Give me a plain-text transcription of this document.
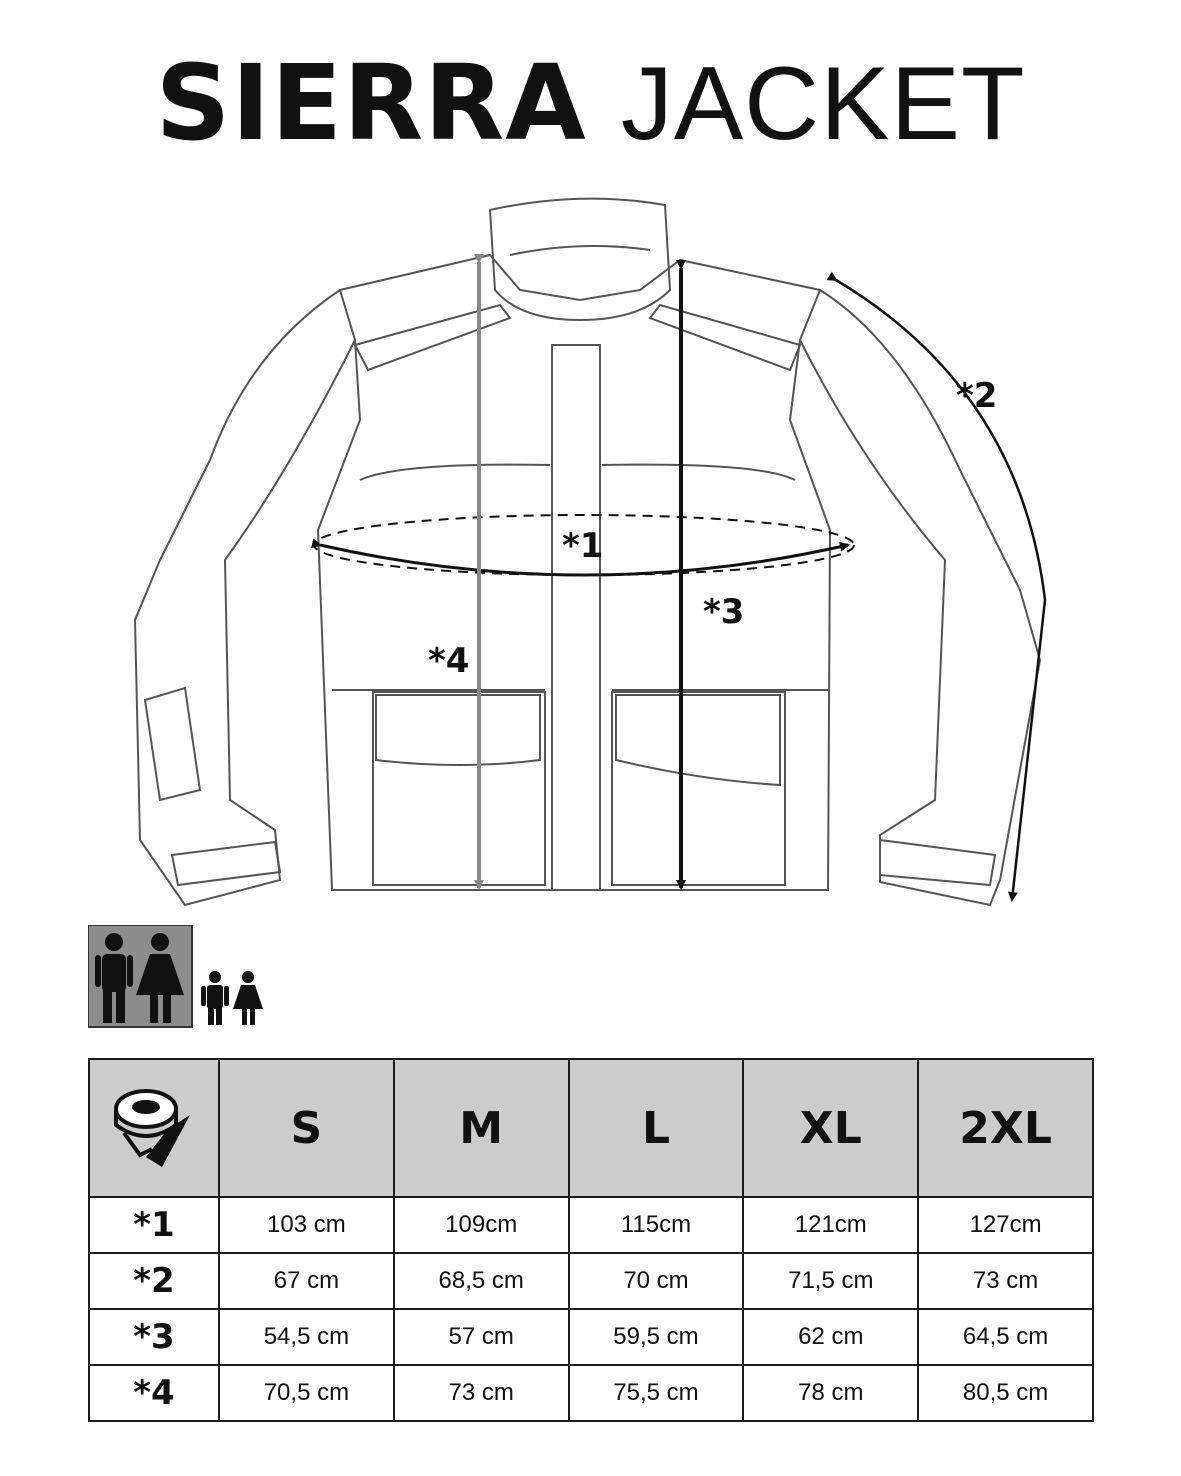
SIERRA JACKET
*1
*2
*3
*4
	S	M	L	XL	2XL
*1	103 cm	109cm	115cm	121cm	127cm
*2	67 cm	68,5 cm	70 cm	71,5 cm	73 cm
*3	54,5 cm	57 cm	59,5 cm	62 cm	64,5 cm
*4	70,5 cm	73 cm	75,5 cm	78 cm	80,5 cm
